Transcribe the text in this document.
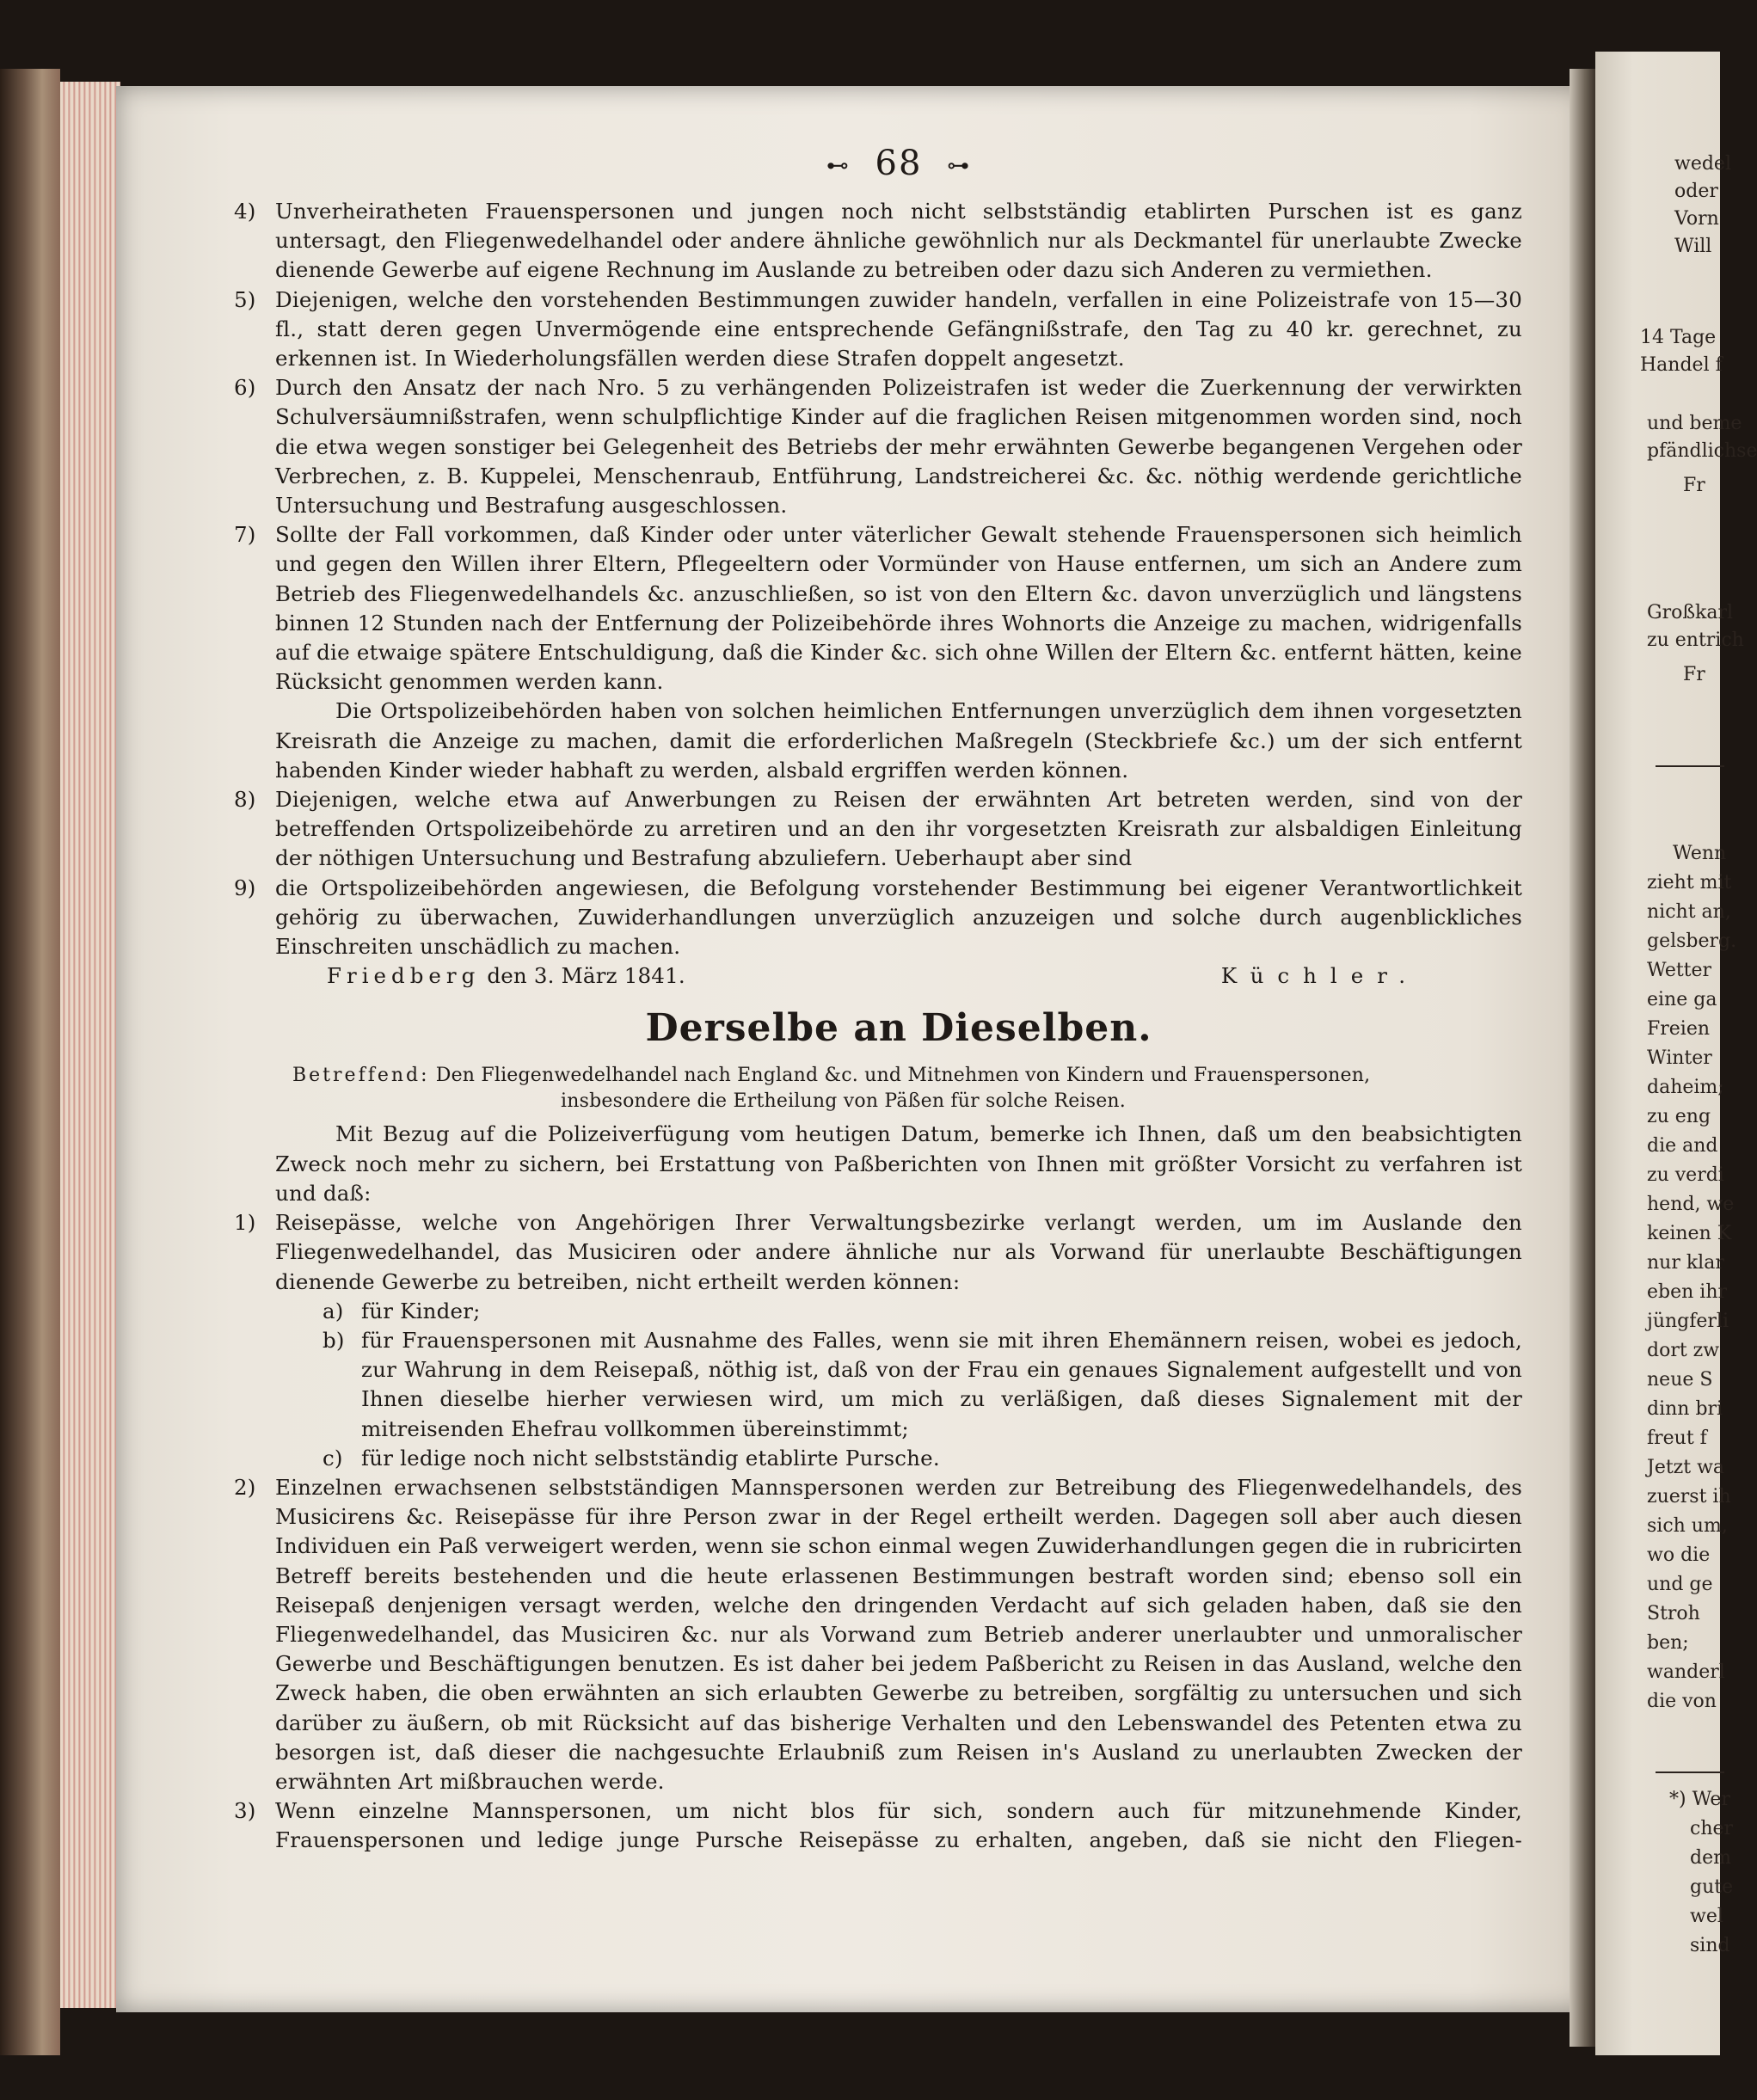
wedel
oder
Vorn
Will
14 Tage
Handel f
und beme
pfändlichse
Fr
Großkarl
zu entrich
Fr
Wenn
zieht mit
nicht an,
gelsberg.
Wetter
eine ga
Freien
Winter
daheim;
zu eng
die and
zu verdi
hend, we
keinen K
nur klar
eben ihr
jüngferli
dort zw
neue S
dinn bri
freut f
Jetzt wa
zuerst ih
sich um,
wo die
und ge
Stroh
ben;
wanderl
die von
*) Wer
cher
dem
gute
wel
sind
⊷ 68 ⊶
4) Unverheiratheten Frauenspersonen und jungen noch nicht selbstständig etablirten Purschen ist es ganz untersagt, den Fliegenwedelhandel oder andere ähnliche gewöhnlich nur als Deckmantel für unerlaubte Zwecke dienende Gewerbe auf eigene Rechnung im Auslande zu betreiben oder dazu sich Anderen zu vermiethen.
5) Diejenigen, welche den vorstehenden Bestimmungen zuwider handeln, verfallen in eine Polizeistrafe von 15—30 fl., statt deren gegen Unvermögende eine entsprechende Gefängnißstrafe, den Tag zu 40 kr. gerechnet, zu erkennen ist. In Wiederholungsfällen werden diese Strafen doppelt angesetzt.
6) Durch den Ansatz der nach Nro. 5 zu verhängenden Polizeistrafen ist weder die Zuerkennung der verwirkten Schulversäumnißstrafen, wenn schulpflichtige Kinder auf die fraglichen Reisen mitgenommen worden sind, noch die etwa wegen sonstiger bei Gelegenheit des Betriebs der mehr erwähnten Gewerbe begangenen Vergehen oder Verbrechen, z. B. Kuppelei, Menschenraub, Entführung, Landstreicherei &c. &c. nöthig werdende gerichtliche Untersuchung und Bestrafung ausgeschlossen.
7) Sollte der Fall vorkommen, daß Kinder oder unter väterlicher Gewalt stehende Frauenspersonen sich heimlich und gegen den Willen ihrer Eltern, Pflegeeltern oder Vormünder von Hause entfernen, um sich an Andere zum Betrieb des Fliegenwedelhandels &c. anzuschließen, so ist von den Eltern &c. davon unverzüglich und längstens binnen 12 Stunden nach der Entfernung der Polizeibehörde ihres Wohnorts die Anzeige zu machen, widrigenfalls auf die etwaige spätere Entschuldigung, daß die Kinder &c. sich ohne Willen der Eltern &c. entfernt hätten, keine Rücksicht genommen werden kann.
Die Ortspolizeibehörden haben von solchen heimlichen Entfernungen unverzüglich dem ihnen vorgesetzten Kreisrath die Anzeige zu machen, damit die erforderlichen Maßregeln (Steckbriefe &c.) um der sich entfernt habenden Kinder wieder habhaft zu werden, alsbald ergriffen werden können.
8) Diejenigen, welche etwa auf Anwerbungen zu Reisen der erwähnten Art betreten werden, sind von der betreffenden Ortspolizeibehörde zu arretiren und an den ihr vorgesetzten Kreisrath zur alsbaldigen Einleitung der nöthigen Untersuchung und Bestrafung abzuliefern. Ueberhaupt aber sind
9) die Ortspolizeibehörden angewiesen, die Befolgung vorstehender Bestimmung bei eigener Verantwortlichkeit gehörig zu überwachen, Zuwiderhandlungen unverzüglich anzuzeigen und solche durch augenblickliches Einschreiten unschädlich zu machen.
Friedberg den 3. März 1841.	Küchler.
Derselbe an Dieselben.
Betreffend: Den Fliegenwedelhandel nach England &c. und Mitnehmen von Kindern und Frauenspersonen,
insbesondere die Ertheilung von Päßen für solche Reisen.
Mit Bezug auf die Polizeiverfügung vom heutigen Datum, bemerke ich Ihnen, daß um den beabsichtigten Zweck noch mehr zu sichern, bei Erstattung von Paßberichten von Ihnen mit größter Vorsicht zu verfahren ist und daß:
1) Reisepässe, welche von Angehörigen Ihrer Verwaltungsbezirke verlangt werden, um im Auslande den Fliegenwedelhandel, das Musiciren oder andere ähnliche nur als Vorwand für unerlaubte Beschäftigungen dienende Gewerbe zu betreiben, nicht ertheilt werden können:
a) für Kinder;
b) für Frauenspersonen mit Ausnahme des Falles, wenn sie mit ihren Ehemännern reisen, wobei es jedoch, zur Wahrung in dem Reisepaß, nöthig ist, daß von der Frau ein genaues Signalement aufgestellt und von Ihnen dieselbe hierher verwiesen wird, um mich zu verläßigen, daß dieses Signalement mit der mitreisenden Ehefrau vollkommen übereinstimmt;
c) für ledige noch nicht selbstständig etablirte Pursche.
2) Einzelnen erwachsenen selbstständigen Mannspersonen werden zur Betreibung des Fliegenwedelhandels, des Musicirens &c. Reisepässe für ihre Person zwar in der Regel ertheilt werden. Dagegen soll aber auch diesen Individuen ein Paß verweigert werden, wenn sie schon einmal wegen Zuwiderhandlungen gegen die in rubricirten Betreff bereits bestehenden und die heute erlassenen Bestimmungen bestraft worden sind; ebenso soll ein Reisepaß denjenigen versagt werden, welche den dringenden Verdacht auf sich geladen haben, daß sie den Fliegenwedelhandel, das Musiciren &c. nur als Vorwand zum Betrieb anderer unerlaubter und unmoralischer Gewerbe und Beschäftigungen benutzen. Es ist daher bei jedem Paßbericht zu Reisen in das Ausland, welche den Zweck haben, die oben erwähnten an sich erlaubten Gewerbe zu betreiben, sorgfältig zu untersuchen und sich darüber zu äußern, ob mit Rücksicht auf das bisherige Verhalten und den Lebenswandel des Petenten etwa zu besorgen ist, daß dieser die nachgesuchte Erlaubniß zum Reisen in's Ausland zu unerlaubten Zwecken der erwähnten Art mißbrauchen werde.
3) Wenn einzelne Mannspersonen, um nicht blos für sich, sondern auch für mitzunehmende Kinder, Frauenspersonen und ledige junge Pursche Reisepässe zu erhalten, angeben, daß sie nicht den Fliegen-
